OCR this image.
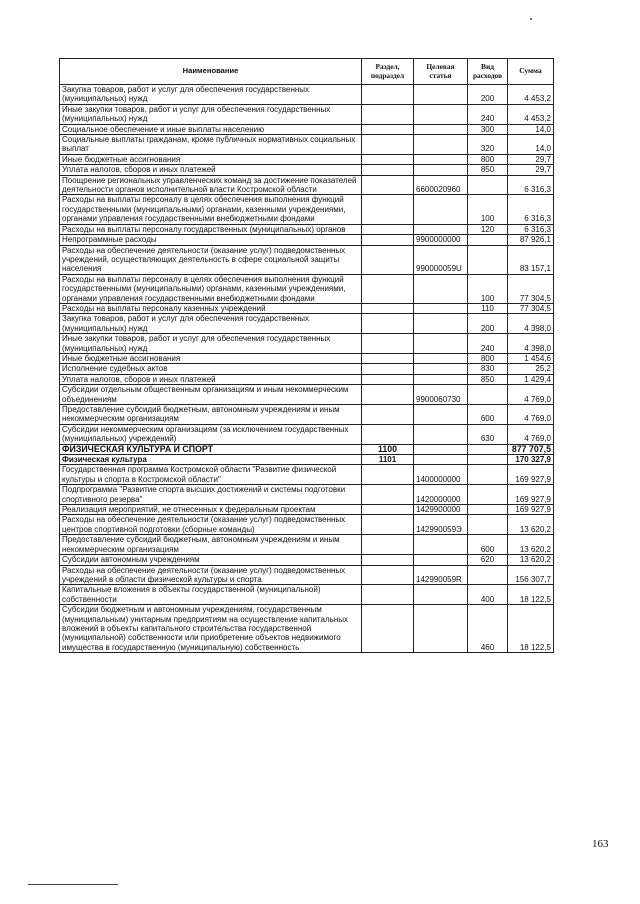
Наименование	Раздел, подраздел	Целевая статья	Вид расходов	Сумма
Закупка товаров, работ и услуг для обеспечения государственных (муниципальных) нужд			200	4 453,2
Иные закупки товаров, работ и услуг для обеспечения государственных (муниципальных) нужд			240	4 453,2
Социальное обеспечение и иные выплаты населению			300	14,0
Социальные выплаты гражданам, кроме публичных нормативных социальных выплат			320	14,0
Иные бюджетные ассигнования			800	29,7
Уплата налогов, сборов и иных платежей			850	29,7
Поощрение региональных управленческих команд за достижение показателей деятельности органов исполнительной власти Костромской области		6600020960		6 316,3
Расходы на выплаты персоналу в целях обеспечения выполнения функций государственными (муниципальными) органами, казенными учреждениями, органами управления государственными внебюджетными фондами			100	6 316,3
Расходы на выплаты персоналу государственных (муниципальных) органов			120	6 316,3
Непрограммные расходы		9900000000		87 926,1
Расходы на обеспечение деятельности (оказание услуг) подведомственных учреждений, осуществляющих деятельность в сфере социальной защиты населения		990000059U		83 157,1
Расходы на выплаты персоналу в целях обеспечения выполнения функций государственными (муниципальными) органами, казенными учреждениями, органами управления государственными внебюджетными фондами			100	77 304,5
Расходы на выплаты персоналу казенных учреждений			110	77 304,5
Закупка товаров, работ и услуг для обеспечения государственных (муниципальных) нужд			200	4 398,0
Иные закупки товаров, работ и услуг для обеспечения государственных (муниципальных) нужд			240	4 398,0
Иные бюджетные ассигнования			800	1 454,6
Исполнение судебных актов			830	25,2
Уплата налогов, сборов и иных платежей			850	1 429,4
Субсидии отдельным общественным организациям и иным некоммерческим объединениям		9900060730		4 769,0
Предоставление субсидий бюджетным, автономным учреждениям и иным некоммерческим организациям			600	4 769,0
Субсидии некоммерческим организациям (за исключением государственных (муниципальных) учреждений)			630	4 769,0
ФИЗИЧЕСКАЯ КУЛЬТУРА И СПОРТ	1100			877 707,5
Физическая культура	1101			170 327,9
Государственная программа Костромской области "Развитие физической культуры и спорта в Костромской области"		1400000000		169 927,9
Подпрограмма "Развитие спорта высших достижений и системы подготовки спортивного резерва"		1420000000		169 927,9
Реализация мероприятий, не отнесенных к федеральным проектам		1429900000		169 927,9
Расходы на обеспечение деятельности (оказание услуг) подведомственных центров спортивной подготовки (сборные команды)		142990059Э		13 620,2
Предоставление субсидий бюджетным, автономным учреждениям и иным некоммерческим организациям			600	13 620,2
Субсидии автономным учреждениям			620	13 620,2
Расходы на обеспечение деятельности (оказание услуг) подведомственных учреждений в области физической культуры и спорта		142990059R		156 307,7
Капитальные вложения в объекты государственной (муниципальной) собственности			400	18 122,5
Субсидии бюджетным и автономным учреждениям, государственным (муниципальным) унитарным предприятиям на осуществление капитальных вложений в объекты капитального строительства государственной (муниципальной) собственности или приобретение объектов недвижимого имущества в государственную (муниципальную) собственность			460	18 122,5
163
